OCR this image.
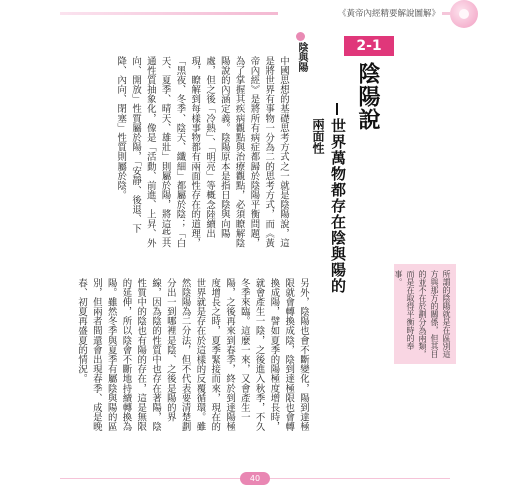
《黃帝內經精要解說圖解》
2-1
陰陽說
世界萬物都存在陰與陽的
兩面性
陰與陽
中國思想的基礎思考方式之一就是陰陽說，這是將世界有事物一分為二的思考方式，而《黃帝內經》是將所有病症都歸於陰陽平衡問題，為了掌握其疾病觀點與治療觀點，必須瞭解陰陽說的內涵定義。陰陽原本是指日陰與向陽處，但之後「冷熱」、「明亮」等概念陸續出現，瞭解到每樣事物都有兩面性存在的道理，「黑夜、冬季、陰天、纖細」都屬於陰；「白天、夏季、晴天、雄壯」則屬於陽，將這些共通性質抽象化，像是「活動、前進、上昇、外向、開放」性質屬於陽，「安靜、後退、下降、內向、閉塞」性質則屬於陰。
所謂的陰陽就是在區別這方與那方的關係，但其目的並不在於劃分為兩類，而是在取得平衡時的奉事。
另外，陰陽也會不斷變化，陽到達極限就會轉換成陰，陰到達極限也會轉換成陽，譬如夏季的陽極度增長時，就會產生一陰，之後進入秋季，不久冬季來臨。這麼一來，又會產生一陽，之後再來到春季，終於到達陽極度增長之時，夏季緊接而來，現在的世界就是存在於這樣的反覆循環。雖然陰陽為二分法，但不代表要清楚劃分出一到哪裡是陰、之後是陽的界線，因為陰的性質中也存在著陽，陰性質中的陰也有陽的存在，這是無限的延伸，所以陰會不斷地持續轉換為陽。雖然冬季與夏季有屬陰與陽的區別，但兩者間還會出現春季、成是晚春、初夏再盛夏的情況。
40
